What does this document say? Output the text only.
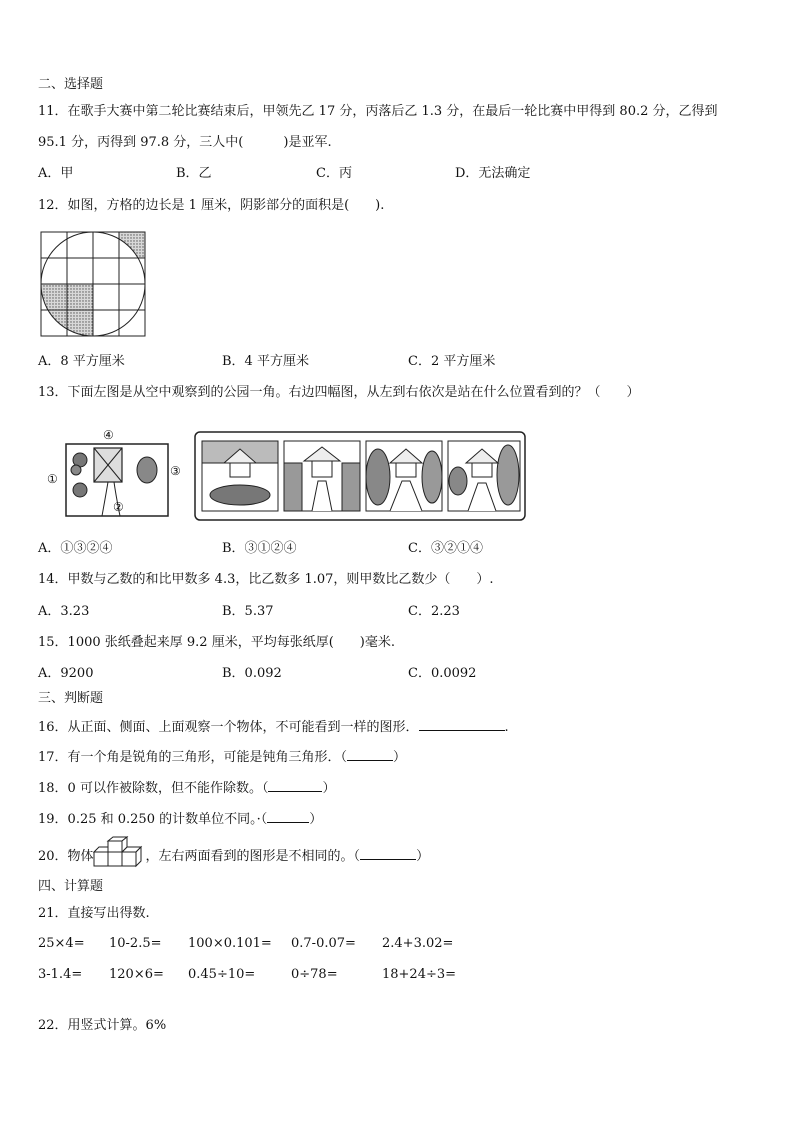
二、选择题
11．在歌手大赛中第二轮比赛结束后，甲领先乙 17 分，丙落后乙 1.3 分，在最后一轮比赛中甲得到 80.2 分，乙得到
95.1 分，丙得到 97.8 分，三人中(	)是亚军.
A．甲	B．乙	C．丙	D．无法确定
12．如图，方格的边长是 1 厘米，阴影部分的面积是(　　).
A．8 平方厘米	B．4 平方厘米	C．2 平方厘米
13．下面左图是从空中观察到的公园一角。右边四幅图，从左到右依次是站在什么位置看到的？（　　）
①
②
③
④
A．①③②④	B．③①②④	C．③②①④
14．甲数与乙数的和比甲数多 4.3，比乙数多 1.07，则甲数比乙数少（　　）.
A．3.23	B．5.37	C．2.23
15．1000 张纸叠起来厚 9.2 厘米，平均每张纸厚(　　)毫米.
A．9200	B．0.092	C．0.0092
三、判断题
16．从正面、侧面、上面观察一个物体，不可能看到一样的图形．	.
17．有一个角是锐角的三角形，可能是钝角三角形．（	）
18．0 可以作被除数，但不能作除数。（	）
19．0.25 和 0.250 的计数单位不同。·（	）
20．物体	，左右两面看到的图形是不相同的。（	）
四、计算题
21．直接写出得数.
25×4= 10-2.5= 100×0.101= 0.7-0.07= 2.4+3.02=
3-1.4= 120×6= 0.45÷10=	0÷78=	18+24÷3=
22．用竖式计算。6%
